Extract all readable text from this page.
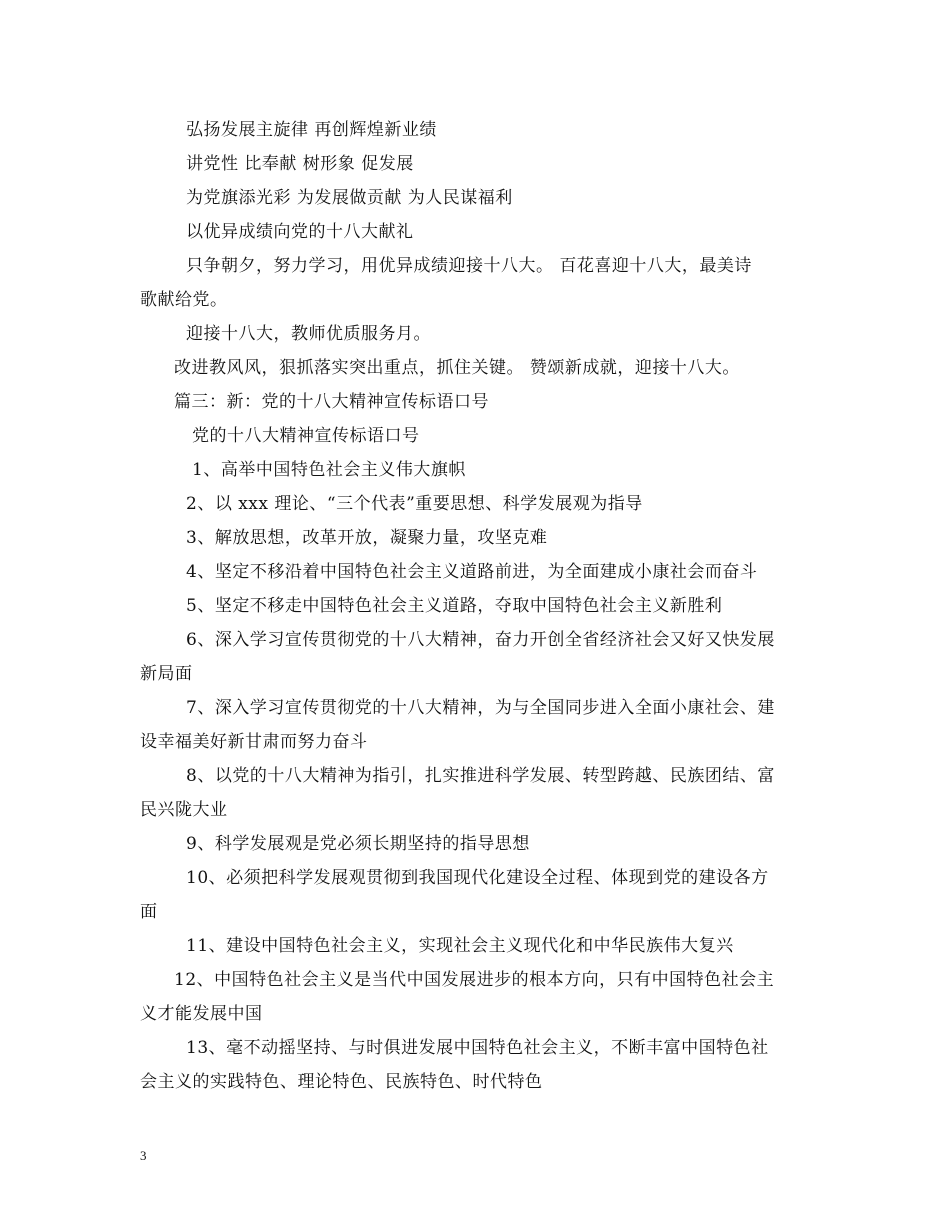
弘扬发展主旋律 再创辉煌新业绩
讲党性 比奉献 树形象 促发展
为党旗添光彩 为发展做贡献 为人民谋福利
以优异成绩向党的十八大献礼
只争朝夕，努力学习，用优异成绩迎接十八大。 百花喜迎十八大，最美诗
歌献给党。
迎接十八大，教师优质服务月。
改进教风风，狠抓落实突出重点，抓住关键。 赞颂新成就，迎接十八大。
篇三：新：党的十八大精神宣传标语口号
党的十八大精神宣传标语口号
1、高举中国特色社会主义伟大旗帜
2、以 xxx 理论、“三个代表”重要思想、科学发展观为指导
3、解放思想，改革开放，凝聚力量，攻坚克难
4、坚定不移沿着中国特色社会主义道路前进，为全面建成小康社会而奋斗
5、坚定不移走中国特色社会主义道路，夺取中国特色社会主义新胜利
6、深入学习宣传贯彻党的十八大精神，奋力开创全省经济社会又好又快发展
新局面
7、深入学习宣传贯彻党的十八大精神，为与全国同步进入全面小康社会、建
设幸福美好新甘肃而努力奋斗
8、以党的十八大精神为指引，扎实推进科学发展、转型跨越、民族团结、富
民兴陇大业
9、科学发展观是党必须长期坚持的指导思想
10、必须把科学发展观贯彻到我国现代化建设全过程、体现到党的建设各方
面
11、建设中国特色社会主义，实现社会主义现代化和中华民族伟大复兴
12、中国特色社会主义是当代中国发展进步的根本方向，只有中国特色社会主
义才能发展中国
13、毫不动摇坚持、与时俱进发展中国特色社会主义，不断丰富中国特色社
会主义的实践特色、理论特色、民族特色、时代特色
3
